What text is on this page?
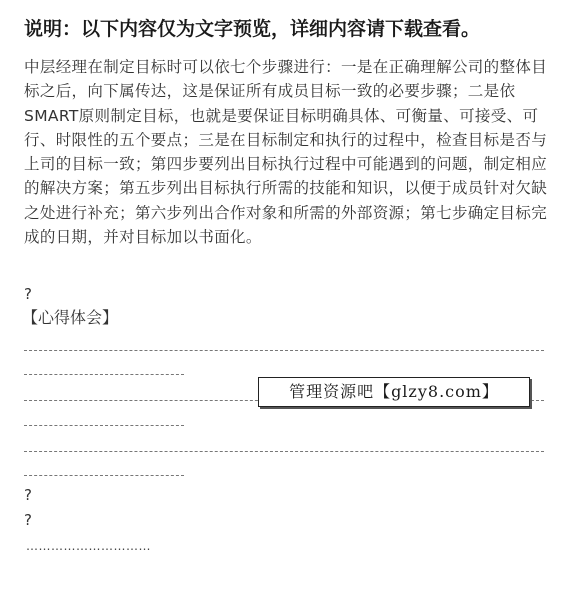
说明：以下内容仅为文字预览，详细内容请下载查看。

中层经理在制定目标时可以依七个步骤进行：一是在正确理解公司的整体目标之后，向下属传达，这是保证所有成员目标一致的必要步骤；二是依SMART原则制定目标，也就是要保证目标明确具体、可衡量、可接受、可行、时限性的五个要点；三是在目标制定和执行的过程中，检查目标是否与上司的目标一致；第四步要列出目标执行过程中可能遇到的问题，制定相应的解决方案；第五步列出目标执行所需的技能和知识，以便于成员针对欠缺之处进行补充；第六步列出合作对象和所需的外部资源；第七步确定目标完成的日期，并对目标加以书面化。

?
【心得体会】
?
?
…………………………
管理资源吧【glzy8.com】
